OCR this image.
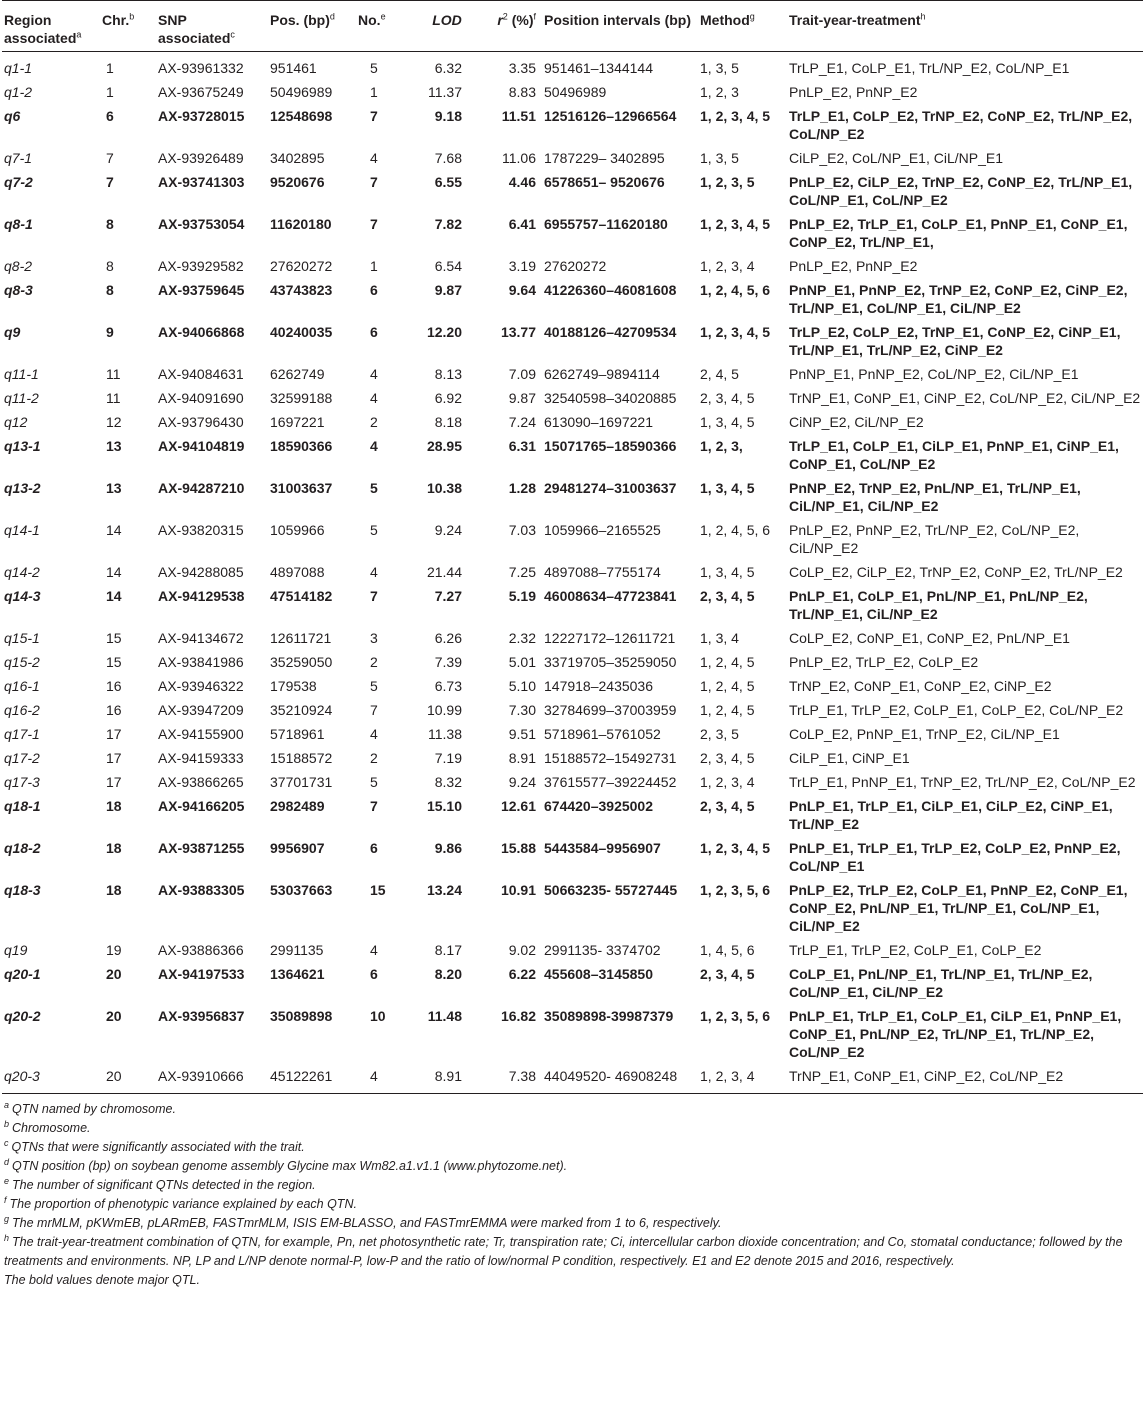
Region associated$^a$	Chr.$^b$	SNP associated$^c$	Pos. (bp)$^d$	No.$^e$	LOD	$r^2$ (%)$^f$	Position intervals (bp)	Method$^g$	Trait-year-treatment$^h$
q1-1	1	AX-93961332	951461	5	6.32	3.35	951461–1344144	1, 3, 5	TrLP_E1, CoLP_E1, TrL/NP_E2, CoL/NP_E1
q1-2	1	AX-93675249	50496989	1	11.37	8.83	50496989	1, 2, 3	PnLP_E2, PnNP_E2
q6	6	AX-93728015	12548698	7	9.18	11.51	12516126–12966564	1, 2, 3, 4, 5	TrLP_E1, CoLP_E2, TrNP_E2, CoNP_E2, TrL/NP_E2, CoL/NP_E2
q7-1	7	AX-93926489	3402895	4	7.68	11.06	1787229– 3402895	1, 3, 5	CiLP_E2, CoL/NP_E1, CiL/NP_E1
q7-2	7	AX-93741303	9520676	7	6.55	4.46	6578651– 9520676	1, 2, 3, 5	PnLP_E2, CiLP_E2, TrNP_E2, CoNP_E2, TrL/NP_E1, CoL/NP_E1, CoL/NP_E2
q8-1	8	AX-93753054	11620180	7	7.82	6.41	6955757–11620180	1, 2, 3, 4, 5	PnLP_E2, TrLP_E1, CoLP_E1, PnNP_E1, CoNP_E1, CoNP_E2, TrL/NP_E1,
q8-2	8	AX-93929582	27620272	1	6.54	3.19	27620272	1, 2, 3, 4	PnLP_E2, PnNP_E2
q8-3	8	AX-93759645	43743823	6	9.87	9.64	41226360–46081608	1, 2, 4, 5, 6	PnNP_E1, PnNP_E2, TrNP_E2, CoNP_E2, CiNP_E2, TrL/NP_E1, CoL/NP_E1, CiL/NP_E2
q9	9	AX-94066868	40240035	6	12.20	13.77	40188126–42709534	1, 2, 3, 4, 5	TrLP_E2, CoLP_E2, TrNP_E1, CoNP_E2, CiNP_E1, TrL/NP_E1, TrL/NP_E2, CiNP_E2
q11-1	11	AX-94084631	6262749	4	8.13	7.09	6262749–9894114	2, 4, 5	PnNP_E1, PnNP_E2, CoL/NP_E2, CiL/NP_E1
q11-2	11	AX-94091690	32599188	4	6.92	9.87	32540598–34020885	2, 3, 4, 5	TrNP_E1, CoNP_E1, CiNP_E2, CoL/NP_E2, CiL/NP_E2
q12	12	AX-93796430	1697221	2	8.18	7.24	613090–1697221	1, 3, 4, 5	CiNP_E2, CiL/NP_E2
q13-1	13	AX-94104819	18590366	4	28.95	6.31	15071765–18590366	1, 2, 3,	TrLP_E1, CoLP_E1, CiLP_E1, PnNP_E1, CiNP_E1, CoNP_E1, CoL/NP_E2
q13-2	13	AX-94287210	31003637	5	10.38	1.28	29481274–31003637	1, 3, 4, 5	PnNP_E2, TrNP_E2, PnL/NP_E1, TrL/NP_E1, CiL/NP_E1, CiL/NP_E2
q14-1	14	AX-93820315	1059966	5	9.24	7.03	1059966–2165525	1, 2, 4, 5, 6	PnLP_E2, PnNP_E2, TrL/NP_E2, CoL/NP_E2, CiL/NP_E2
q14-2	14	AX-94288085	4897088	4	21.44	7.25	4897088–7755174	1, 3, 4, 5	CoLP_E2, CiLP_E2, TrNP_E2, CoNP_E2, TrL/NP_E2
q14-3	14	AX-94129538	47514182	7	7.27	5.19	46008634–47723841	2, 3, 4, 5	PnLP_E1, CoLP_E1, PnL/NP_E1, PnL/NP_E2, TrL/NP_E1, CiL/NP_E2
q15-1	15	AX-94134672	12611721	3	6.26	2.32	12227172–12611721	1, 3, 4	CoLP_E2, CoNP_E1, CoNP_E2, PnL/NP_E1
q15-2	15	AX-93841986	35259050	2	7.39	5.01	33719705–35259050	1, 2, 4, 5	PnLP_E2, TrLP_E2, CoLP_E2
q16-1	16	AX-93946322	179538	5	6.73	5.10	147918–2435036	1, 2, 4, 5	TrNP_E2, CoNP_E1, CoNP_E2, CiNP_E2
q16-2	16	AX-93947209	35210924	7	10.99	7.30	32784699–37003959	1, 2, 4, 5	TrLP_E1, TrLP_E2, CoLP_E1, CoLP_E2, CoL/NP_E2
q17-1	17	AX-94155900	5718961	4	11.38	9.51	5718961–5761052	2, 3, 5	CoLP_E2, PnNP_E1, TrNP_E2, CiL/NP_E1
q17-2	17	AX-94159333	15188572	2	7.19	8.91	15188572–15492731	2, 3, 4, 5	CiLP_E1, CiNP_E1
q17-3	17	AX-93866265	37701731	5	8.32	9.24	37615577–39224452	1, 2, 3, 4	TrLP_E1, PnNP_E1, TrNP_E2, TrL/NP_E2, CoL/NP_E2
q18-1	18	AX-94166205	2982489	7	15.10	12.61	674420–3925002	2, 3, 4, 5	PnLP_E1, TrLP_E1, CiLP_E1, CiLP_E2, CiNP_E1, TrL/NP_E2
q18-2	18	AX-93871255	9956907	6	9.86	15.88	5443584–9956907	1, 2, 3, 4, 5	PnLP_E1, TrLP_E1, TrLP_E2, CoLP_E2, PnNP_E2, CoL/NP_E1
q18-3	18	AX-93883305	53037663	15	13.24	10.91	50663235- 55727445	1, 2, 3, 5, 6	PnLP_E2, TrLP_E2, CoLP_E1, PnNP_E2, CoNP_E1, CoNP_E2, PnL/NP_E1, TrL/NP_E1, CoL/NP_E1, CiL/NP_E2
q19	19	AX-93886366	2991135	4	8.17	9.02	2991135- 3374702	1, 4, 5, 6	TrLP_E1, TrLP_E2, CoLP_E1, CoLP_E2
q20-1	20	AX-94197533	1364621	6	8.20	6.22	455608–3145850	2, 3, 4, 5	CoLP_E1, PnL/NP_E1, TrL/NP_E1, TrL/NP_E2, CoL/NP_E1, CiL/NP_E2
q20-2	20	AX-93956837	35089898	10	11.48	16.82	35089898-39987379	1, 2, 3, 5, 6	PnLP_E1, TrLP_E1, CoLP_E1, CiLP_E1, PnNP_E1, CoNP_E1, PnL/NP_E2, TrL/NP_E1, TrL/NP_E2, CoL/NP_E2
q20-3	20	AX-93910666	45122261	4	8.91	7.38	44049520- 46908248	1, 2, 3, 4	TrNP_E1, CoNP_E1, CiNP_E2, CoL/NP_E2

$^a$ QTN named by chromosome.

$^b$ Chromosome.

$^c$ QTNs that were significantly associated with the trait.

$^d$ QTN position (bp) on soybean genome assembly Glycine max Wm82.a1.v1.1 (www.phytozome.net).

$^e$ The number of significant QTNs detected in the region.

$^f$ The proportion of phenotypic variance explained by each QTN.

$^g$ The mrMLM, pKWmEB, pLARmEB, FASTmrMLM, ISIS EM-BLASSO, and FASTmrEMMA were marked from 1 to 6, respectively.

$^h$ The trait-year-treatment combination of QTN, for example, Pn, net photosynthetic rate; Tr, transpiration rate; Ci, intercellular carbon dioxide concentration; and Co, stomatal conductance; followed by the treatments and environments. NP, LP and L/NP denote normal-P, low-P and the ratio of low/normal P condition, respectively. E1 and E2 denote 2015 and 2016, respectively.

The bold values denote major QTL.
